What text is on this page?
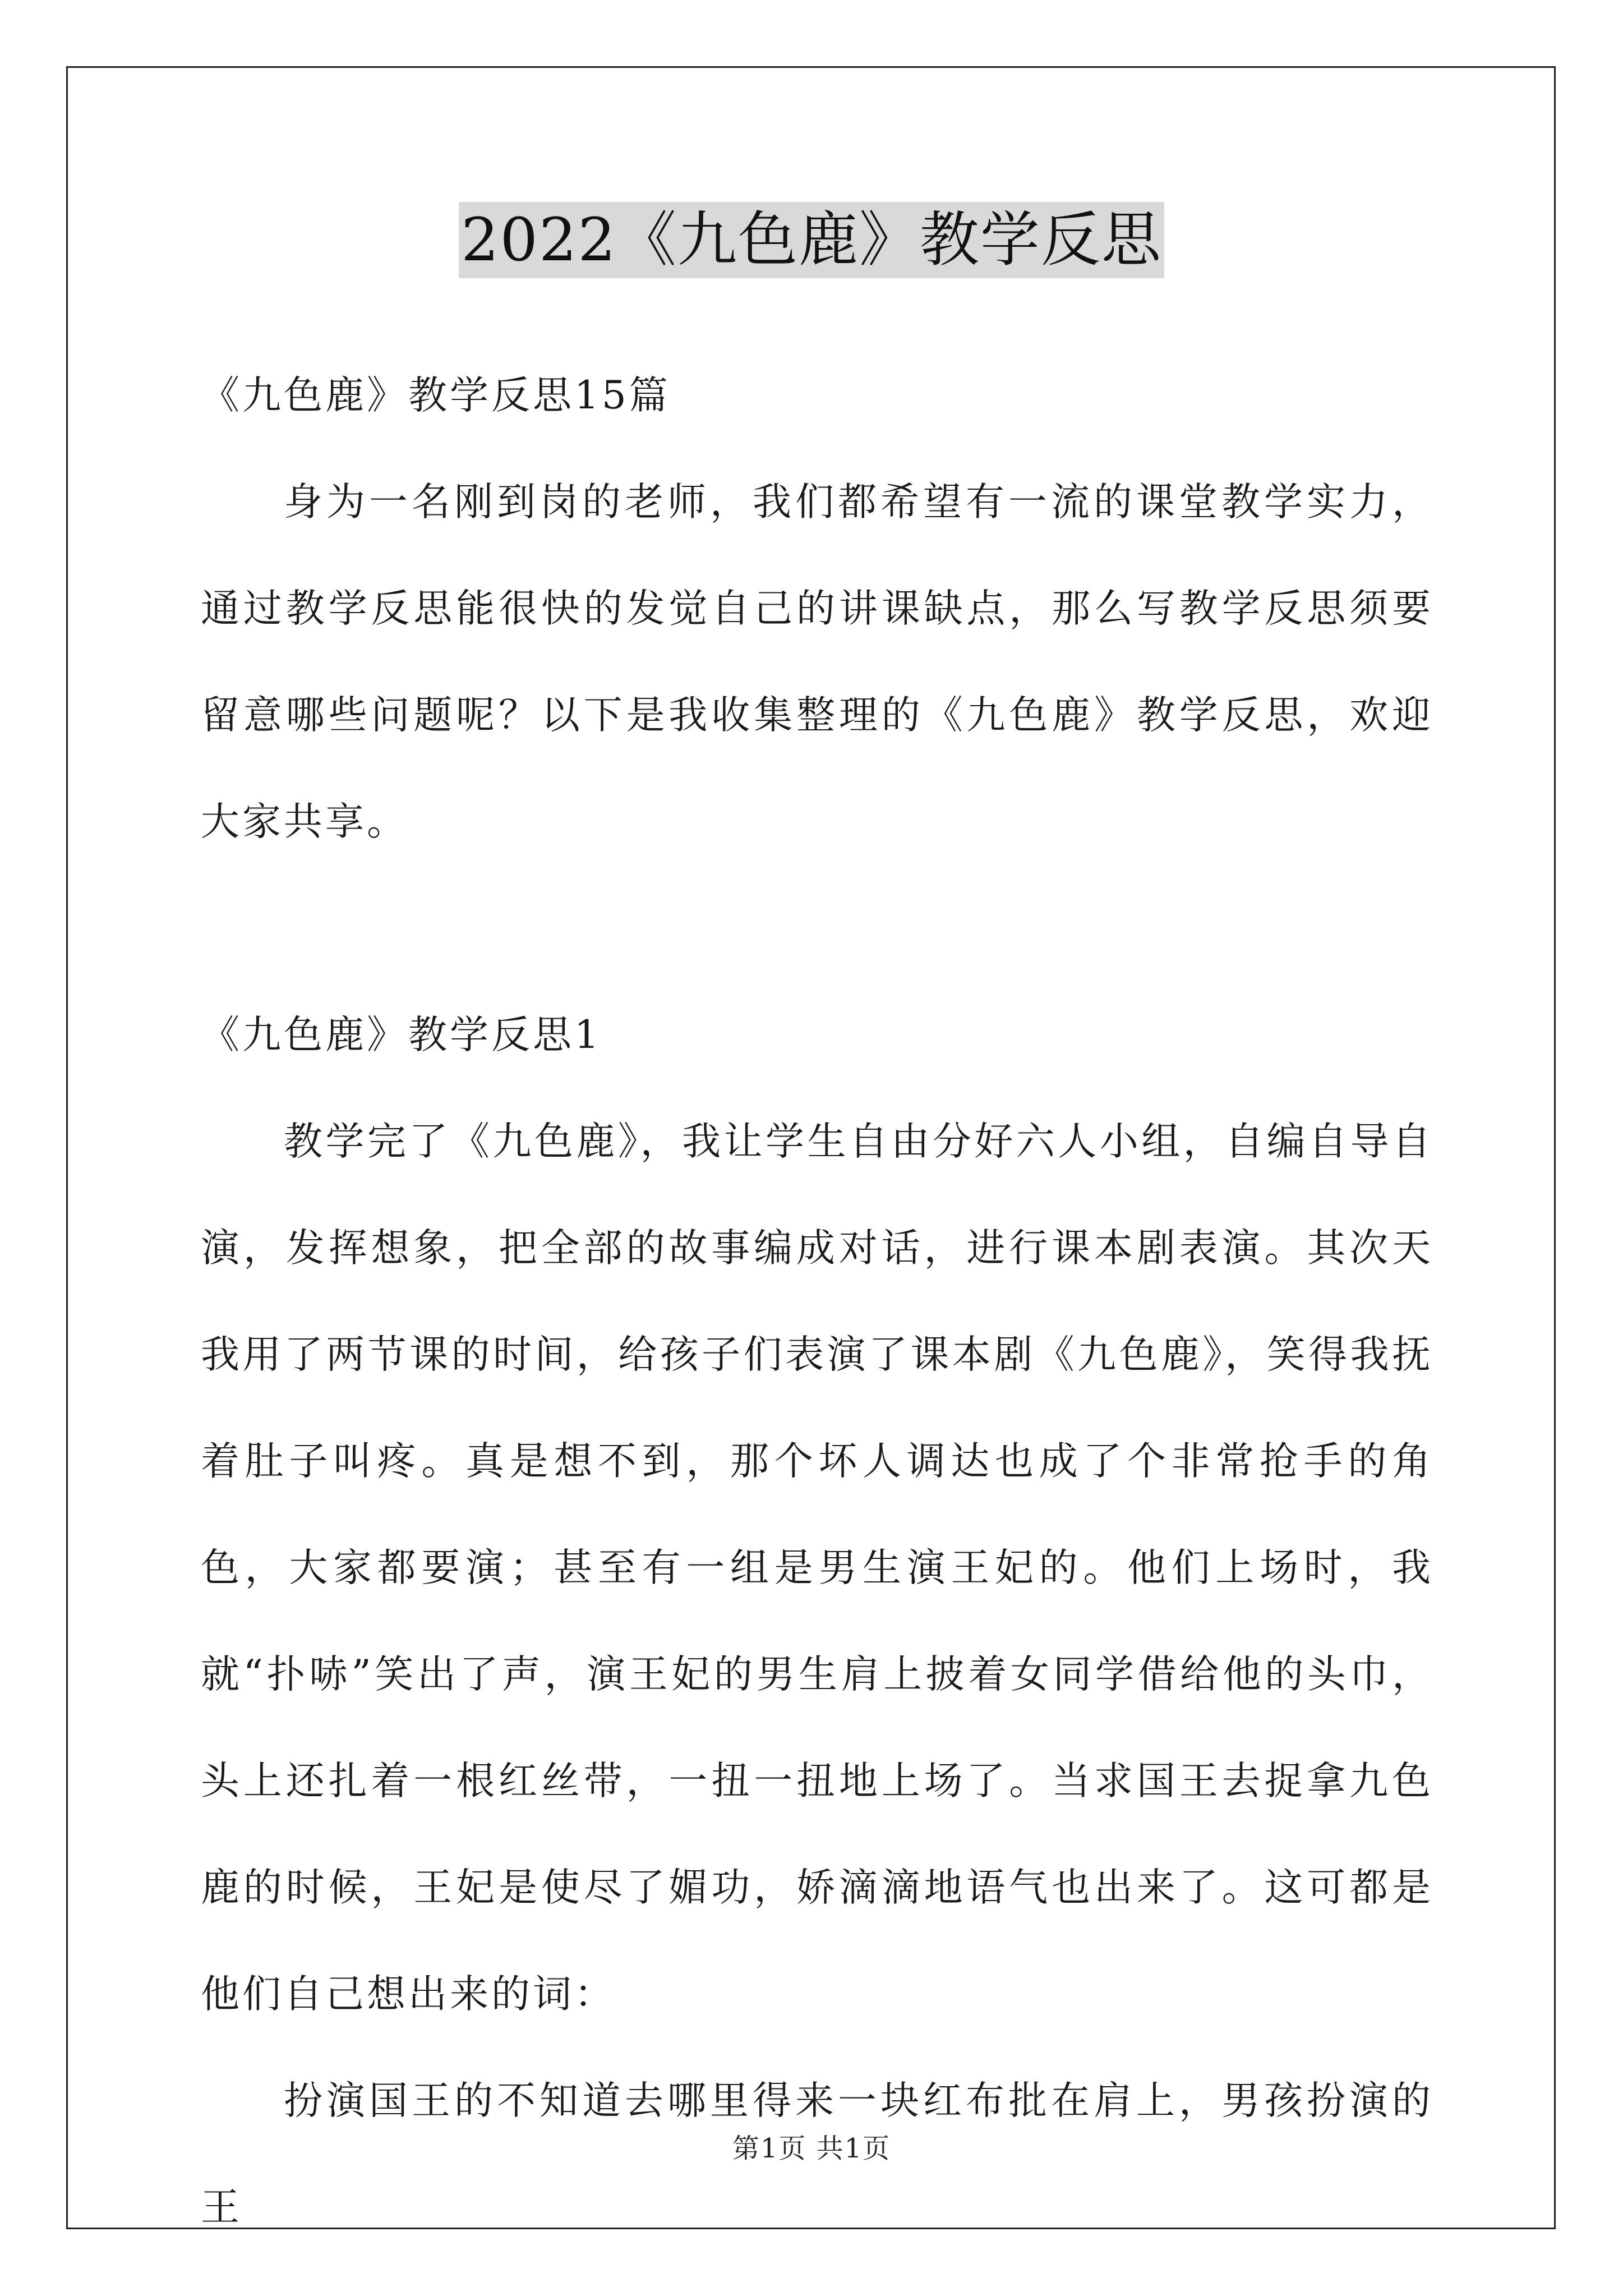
2022《九色鹿》教学反思

《九色鹿》教学反思15篇

身为一名刚到岗的老师，我们都希望有一流的课堂教学实力，通过教学反思能很快的发觉自己的讲课缺点，那么写教学反思须要留意哪些问题呢？以下是我收集整理的《九色鹿》教学反思，欢迎大家共享。

《九色鹿》教学反思1

教学完了《九色鹿》，我让学生自由分好六人小组，自编自导自演，发挥想象，把全部的故事编成对话，进行课本剧表演。其次天我用了两节课的时间，给孩子们表演了课本剧《九色鹿》，笑得我抚着肚子叫疼。真是想不到，那个坏人调达也成了个非常抢手的角色，大家都要演；甚至有一组是男生演王妃的。他们上场时，我就“扑哧”笑出了声，演王妃的男生肩上披着女同学借给他的头巾，头上还扎着一根红丝带，一扭一扭地上场了。当求国王去捉拿九色鹿的时候，王妃是使尽了媚功，娇滴滴地语气也出来了。这可都是他们自己想出来的词：

扮演国王的不知道去哪里得来一块红布批在肩上，男孩扮演的王

第1页 共1页
